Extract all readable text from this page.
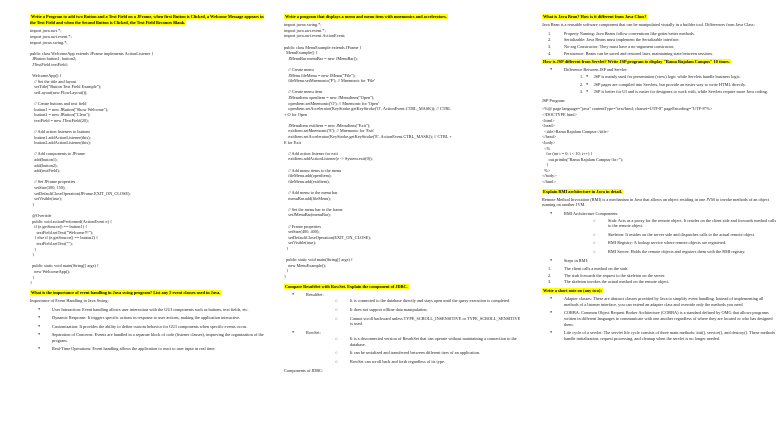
Write a Program to add two Button and a Text Field on a JFrame, when first Button is Clicked, a Welcome Message appears in the Text Field and when the Second Button is Clicked, the Text Field Becomes Blank.
import java.awt.*;
import java.awt.event.*;
import javax.swing.*;

public class WelcomeApp extends JFrame implements ActionListener {
JButton button1, button2;
JTextField textField;

WelcomeApp() {
// Set the title and layout
setTitle("Button Text Field Example");
setLayout(new FlowLayout());

// Create buttons and text field
button1 = new JButton("Show Welcome");
button2 = new JButton("Clear");
textField = new JTextField(20);

// Add action listeners to buttons
button1.addActionListener(this);
button2.addActionListener(this);

// Add components to JFrame
add(button1);
add(button2);
add(textField);

// Set JFrame properties
setSize(300, 150);
setDefaultCloseOperation(JFrame.EXIT_ON_CLOSE);
setVisible(true);
}

@Override
public void actionPerformed(ActionEvent e) {
if (e.getSource() == button1) {
textField.setText("Welcome!!!");
} else if (e.getSource() == button2) {
textField.setText("");
}
}

public static void main(String[] args) {
new WelcomeApp();
}
}
What is the importance of event handling in Java swing program? List any 5 event classes used in Java.
Importance of Event Handling in Java Swing:
● User Interaction: Event handling allows user interaction with the GUI components such as buttons, text fields, etc.
● Dynamic Response: It triggers specific actions in response to user actions, making the application interactive.
● Customization: It provides the ability to define custom behavior for GUI components when specific events occur.
● Separation of Concerns: Events are handled in a separate block of code (listener classes), improving the organization of the program.
● Real-Time Operations: Event handling allows the application to react to user input in real time.
Write a program that displays a menu and menu item with mnemonics and accelerators.
import javax.swing.*;
import java.awt.event.*;
import java.awt.event.ActionEvent;

public class MenuExample extends JFrame {
MenuExample() {
JMenuBar menuBar = new JMenuBar();

// Create menu
JMenu fileMenu = new JMenu("File");
fileMenu.setMnemonic('F'); // Mnemonic for 'File'

// Create menu item
JMenuItem openItem = new JMenuItem("Open");
openItem.setMnemonic('O'); // Mnemonic for 'Open'
openItem.setAccelerator(KeyStroke.getKeyStroke('O', ActionEvent.CTRL_MASK)); // CTRL
+ O for Open

JMenuItem exitItem = new JMenuItem("Exit");
exitItem.setMnemonic('E'); // Mnemonic for 'Exit'
exitItem.setAccelerator(KeyStroke.getKeyStroke('E', ActionEvent.CTRL_MASK)); // CTRL +
E for Exit

// Add action listener for exit
exitItem.addActionListener(e -> System.exit(0));

// Add menu items to the menu
fileMenu.add(openItem);
fileMenu.add(exitItem);

// Add menu to the menu bar
menuBar.add(fileMenu);

// Set the menu bar to the frame
setJMenuBar(menuBar);

// Frame properties
setSize(400, 400);
setDefaultCloseOperation(EXIT_ON_CLOSE);
setVisible(true);
}

public static void main(String[] args) {
new MenuExample();
}
}
Compare ResultSet with RowSet. Explain the component of JDBC.
● ResultSet:
○ It is connected to the database directly and stays open until the query execution is completed.
○ It does not support offline data manipulation.
○ Cannot scroll backward unless TYPE_SCROLL_INSENSITIVE or TYPE_SCROLL_SENSITIVE is used.
● RowSet:
○ It is a disconnected version of ResultSet that can operate without maintaining a connection to the database.
○ It can be serialized and transferred between different tiers of an application.
○ RowSet can scroll back and forth regardless of its type.
Components of JDBC:
What is Java Bean? How is it different from Java Class?
Java Bean is a reusable software component that can be manipulated visually in a builder tool. Differences from Java Class:
1.	Property Naming: Java Beans follow conventions like getter/setter methods.
2.	Serializable: Java Beans must implement the Serializable interface.
3.	No-arg Constructor: They must have a no-argument constructor.
4.	Persistence: Beans can be saved and restored later, maintaining state between sessions.
How is JSP different from Servlet? Write JSP program to display "Rama Rajalam Campus" 10 times.
● Difference Between JSP and Servlet:
● 1.	JSP is mainly used for presentation (view) logic while Servlets handle business logic.
● 2.	JSP pages are compiled into Servlets, but provide an easier way to write HTML directly.
● 3.	JSP is better for UI and is easier for designers to work with, while Servlets require more Java coding.
JSP Program:
<%@ page language="java" contentType="text/html; charset=UTF-8" pageEncoding="UTF-8"%>
<!DOCTYPE html>
<html>
<head>
<title>Rama Rajalam Campus</title>
</head>
<body>
<%
for (int i = 0; i < 10; i++) {
out.println("Rama Rajalam Campus<br>");
}
%>
</body>
</html>
Explain RMI architecture in Java in detail.
Remote Method Invocation (RMI) is a mechanism in Java that allows an object residing in one JVM to invoke methods of an object running on another JVM.
● RMI Architecture Components:
○ Stub: Acts as a proxy for the remote object. It resides on the client side and forwards method calls to the remote object.
○ Skeleton: It resides on the server side and dispatches calls to the actual remote object.
○ RMI Registry: A lookup service where remote objects are registered.
○ RMI Server: Holds the remote objects and registers them with the RMI registry.
● Steps in RMI:
1.	The client calls a method on the stub.
2.	The stub forwards the request to the skeleton on the server.
3.	The skeleton invokes the actual method on the remote object.
Write a short note on (any two):
● Adapter classes: These are abstract classes provided by Java to simplify event handling. Instead of implementing all methods of a listener interface, you can extend an adapter class and override only the methods you need.
● CORBA: Common Object Request Broker Architecture (CORBA) is a standard defined by OMG that allows programs written in different languages to communicate with one another regardless of where they are located or who has designed them.
● Life cycle of a servlet: The servlet life cycle consists of three main methods: init(), service(), and destroy(). These methods handle initialization, request processing, and cleanup when the servlet is no longer needed.
